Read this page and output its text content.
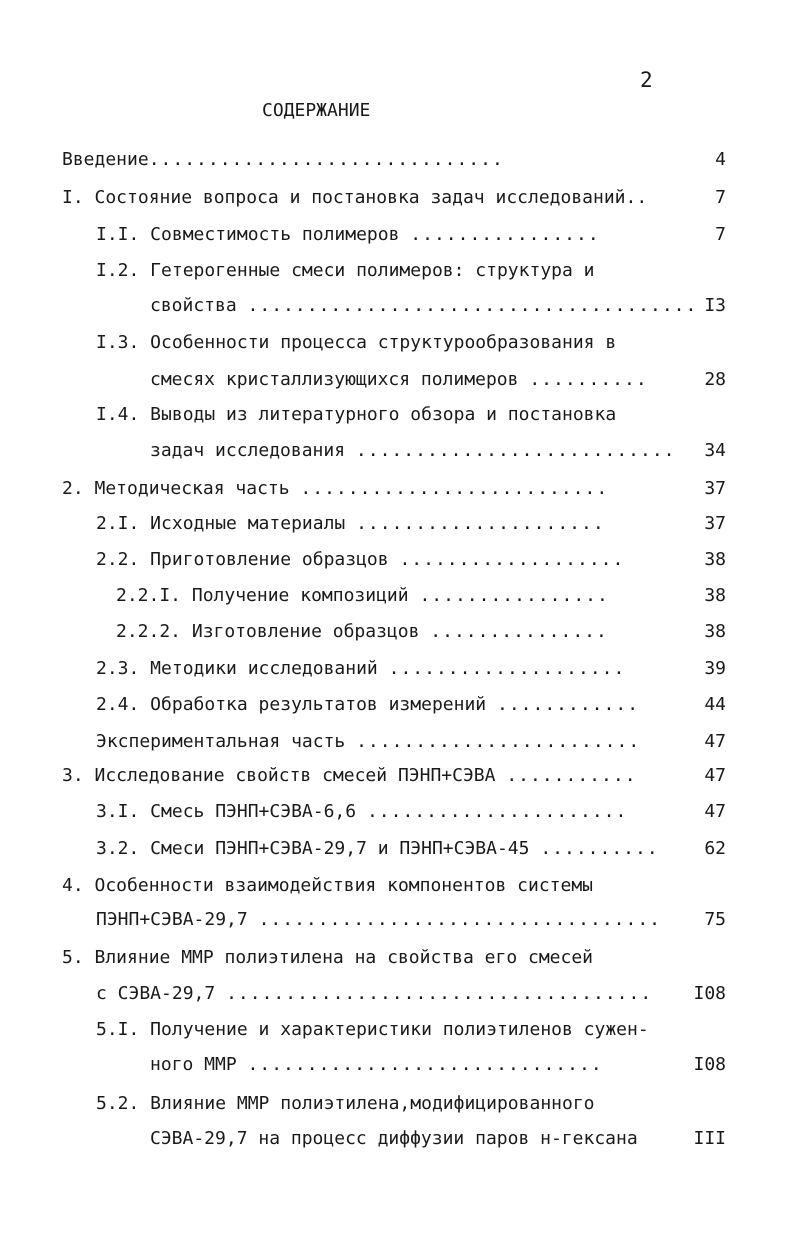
2
СОДЕРЖАНИЕ
Введение..............................	4
I. Состояние вопроса и постановка задач исследований..	7
I.I. Совместимость полимеров ................	7
I.2. Гетерогенные смеси полимеров: структура и
свойства ...................................... I3
I.3. Особенности процесса структурообразования в
смесях кристаллизующихся полимеров ..........	28
I.4. Выводы из литературного обзора и постановка
задач исследования ........................... 34
2. Методическая часть ..........................	37
2.I. Исходные материалы .....................	37
2.2. Приготовление образцов ...................	38
2.2.I. Получение композиций ................	38
2.2.2. Изготовление образцов ...............	38
2.3. Методики исследований ....................	39
2.4. Обработка результатов измерений ............	44
Экспериментальная часть ........................	47
3. Исследование свойств смесей ПЭНП+СЭВА ...........	47
3.I. Смесь ПЭНП+СЭВА-6,6 ......................	47
3.2. Смеси ПЭНП+СЭВА-29,7 и ПЭНП+СЭВА-45 ..........	62
4. Особенности взаимодействия компонентов системы
ПЭНП+СЭВА-29,7 .................................. 75
5. Влияние ММР полиэтилена на свойства его смесей
с СЭВА-29,7 .................................... I08
5.I. Получение и характеристики полиэтиленов сужен-
ного ММР ..............................	I08
5.2. Влияние ММР полиэтилена,модифицированного
СЭВА-29,7 на процесс диффузии паров н-гексана	III
